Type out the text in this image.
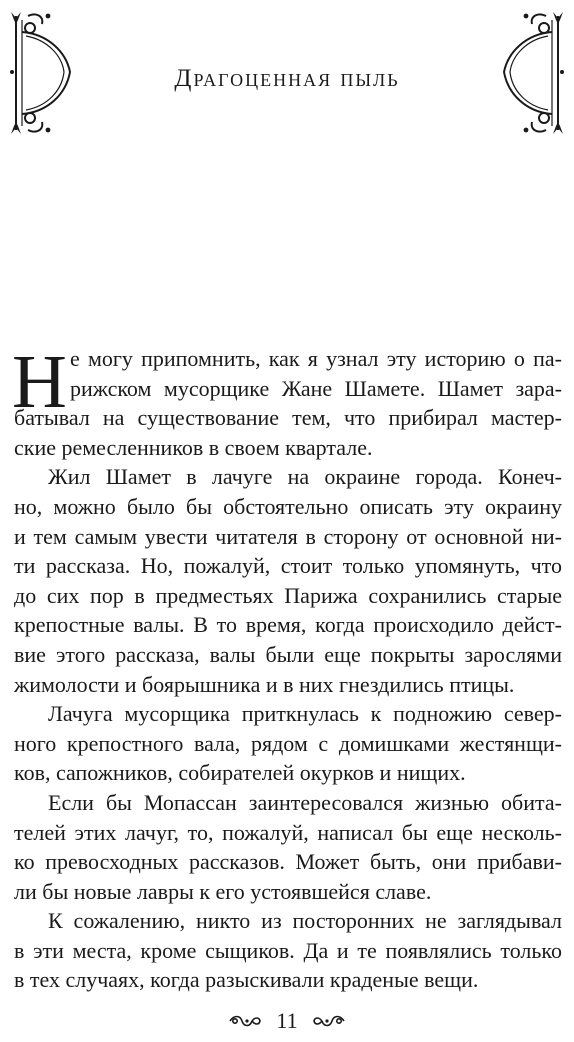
Драгоценная пыль
Н е могу припомнить, как я узнал эту историю о па-
рижском мусорщике Жане Шамете. Шамет зара-
батывал на существование тем, что прибирал мастер-
ские ремесленников в своем квартале.
Жил Шамет в лачуге на окраине города. Конеч-
но, можно было бы обстоятельно описать эту окраину
и тем самым увести читателя в сторону от основной ни-
ти рассказа. Но, пожалуй, стоит только упомянуть, что
до сих пор в предместьях Парижа сохранились старые
крепостные валы. В то время, когда происходило дейст-
вие этого рассказа, валы были еще покрыты зарослями
жимолости и боярышника и в них гнездились птицы.
Лачуга мусорщика приткнулась к подножию север-
ного крепостного вала, рядом с домишками жестянщи-
ков, сапожников, собирателей окурков и нищих.
Если бы Мопассан заинтересовался жизнью обита-
телей этих лачуг, то, пожалуй, написал бы еще несколь-
ко превосходных рассказов. Может быть, они прибави-
ли бы новые лавры к его устоявшейся славе.
К сожалению, никто из посторонних не заглядывал
в эти места, кроме сыщиков. Да и те появлялись только
в тех случаях, когда разыскивали краденые вещи.
11
